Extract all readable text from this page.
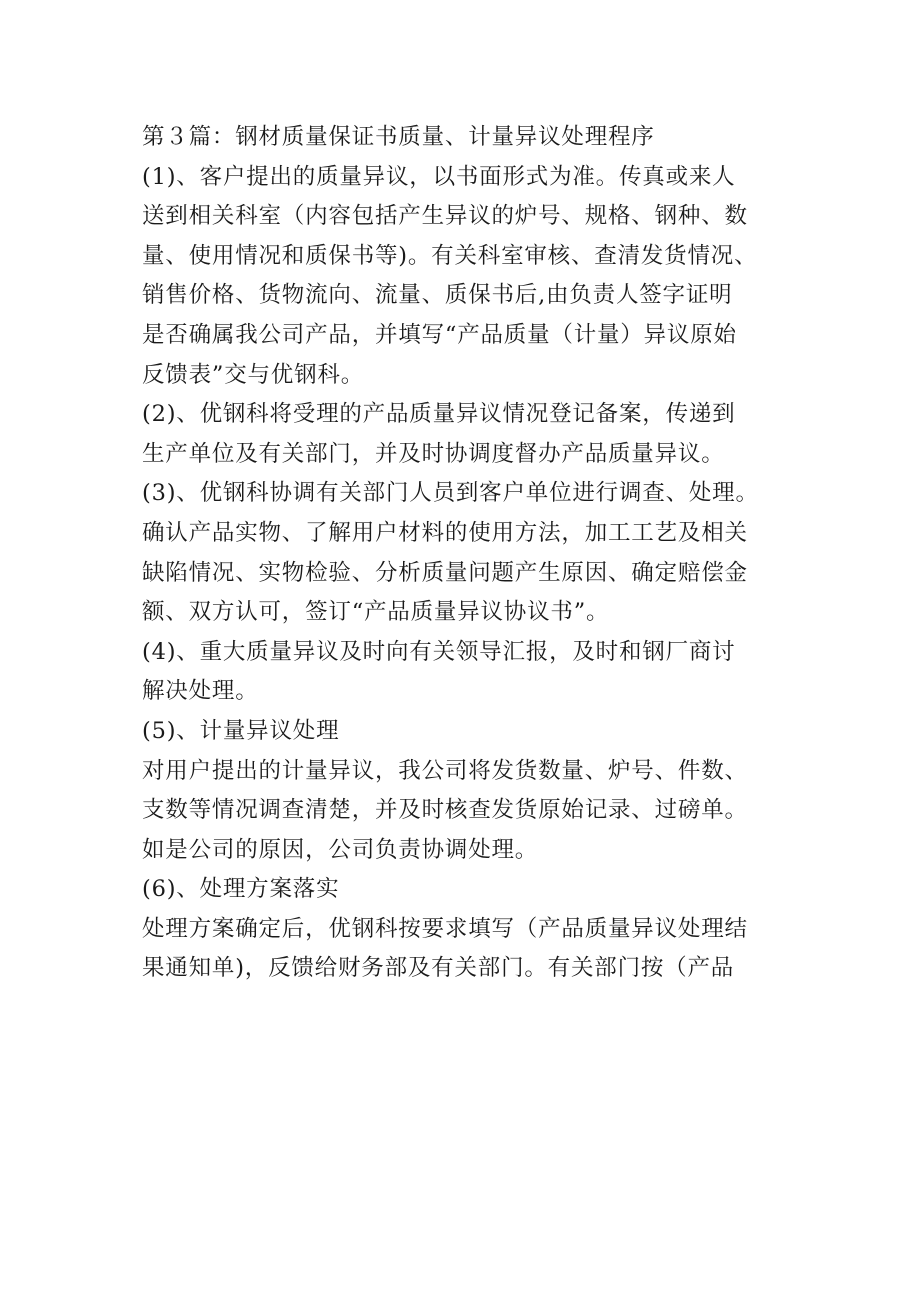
第３篇：钢材质量保证书质量、计量异议处理程序
(1)、客户提出的质量异议，以书面形式为准。传真或来人
送到相关科室（内容包括产生异议的炉号、规格、钢种、数
量、使用情况和质保书等)。有关科室审核、查清发货情况、
销售价格、货物流向、流量、质保书后,由负责人签字证明
是否确属我公司产品，并填写“产品质量（计量）异议原始
反馈表”交与优钢科。
(2)、优钢科将受理的产品质量异议情况登记备案，传递到
生产单位及有关部门，并及时协调度督办产品质量异议。
(3)、优钢科协调有关部门人员到客户单位进行调查、处理。
确认产品实物、了解用户材料的使用方法，加工工艺及相关
缺陷情况、实物检验、分析质量问题产生原因、确定赔偿金
额、双方认可，签订“产品质量异议协议书”。
(4)、重大质量异议及时向有关领导汇报，及时和钢厂商讨
解决处理。
(5)、计量异议处理
对用户提出的计量异议，我公司将发货数量、炉号、件数、
支数等情况调查清楚，并及时核查发货原始记录、过磅单。
如是公司的原因，公司负责协调处理。
(6)、处理方案落实
处理方案确定后，优钢科按要求填写（产品质量异议处理结
果通知单)，反馈给财务部及有关部门。有关部门按（产品
